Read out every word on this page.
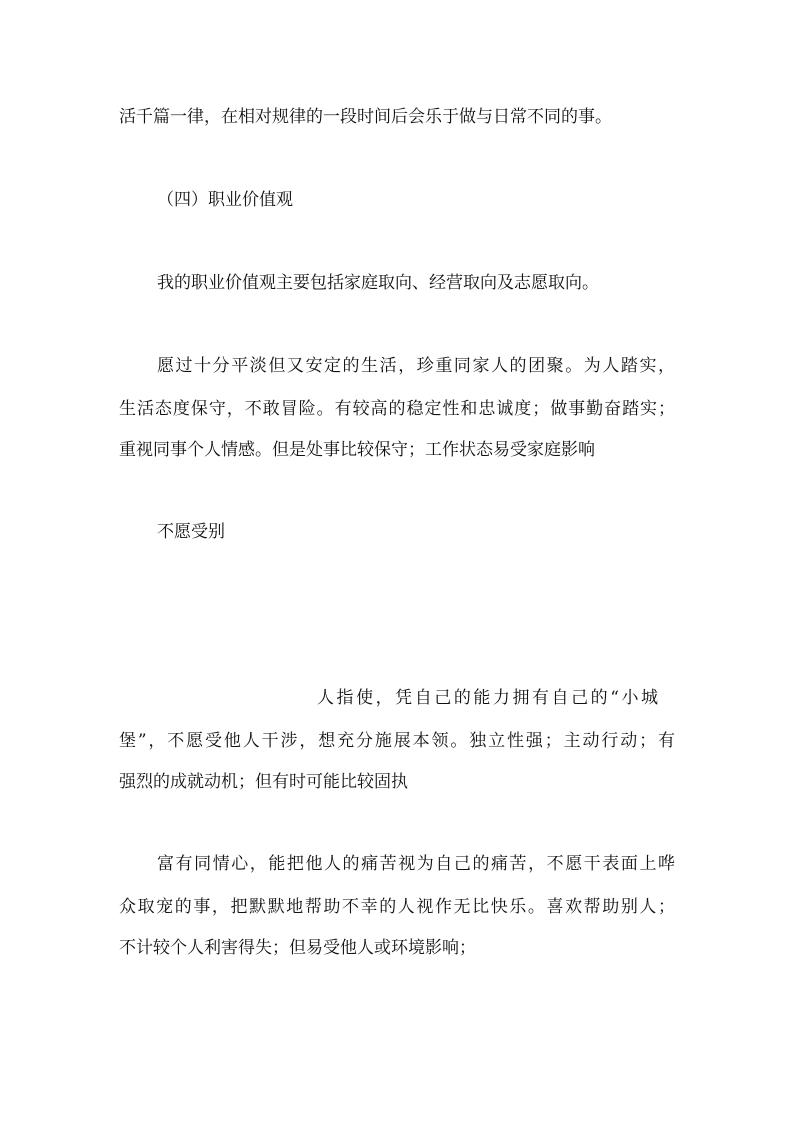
活千篇一律，在相对规律的一段时间后会乐于做与日常不同的事。
（四）职业价值观
我的职业价值观主要包括家庭取向、经营取向及志愿取向。
愿过十分平淡但又安定的生活，珍重同家人的团聚。为人踏实，
生活态度保守，不敢冒险。有较高的稳定性和忠诚度；做事勤奋踏实；
重视同事个人情感。但是处事比较保守；工作状态易受家庭影响
不愿受别
人指使，凭自己的能力拥有自己的“小城
堡”，不愿受他人干涉，想充分施展本领。独立性强；主动行动；有
强烈的成就动机；但有时可能比较固执
富有同情心，能把他人的痛苦视为自己的痛苦，不愿干表面上哗
众取宠的事，把默默地帮助不幸的人视作无比快乐。喜欢帮助别人；
不计较个人利害得失；但易受他人或环境影响；
